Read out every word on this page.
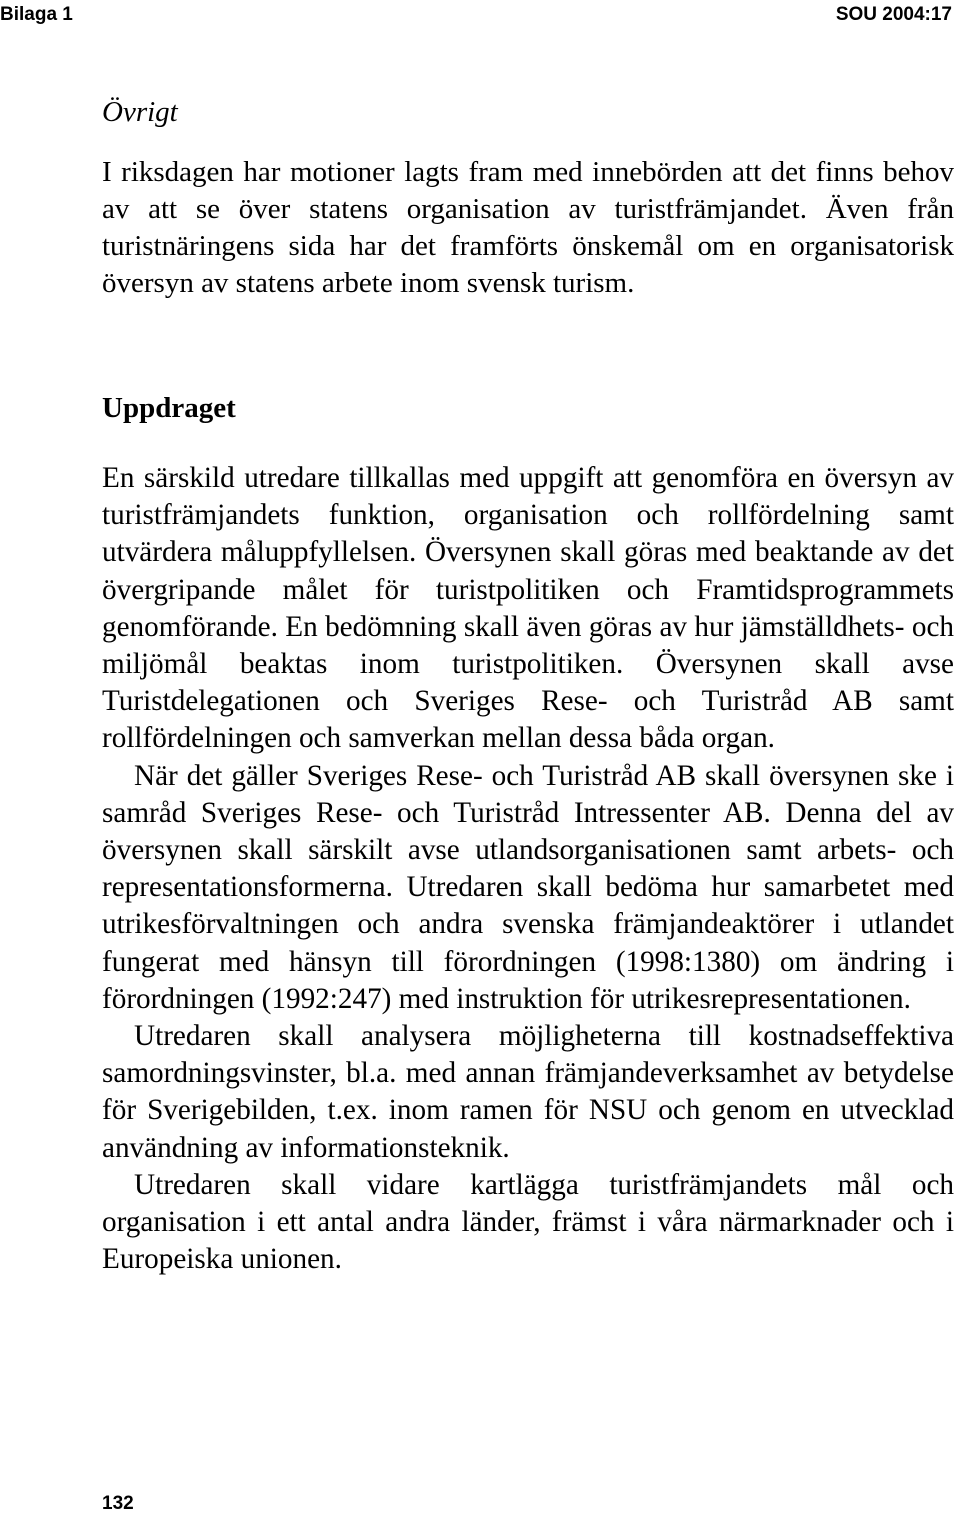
Bilaga 1	SOU 2004:17
Övrigt

I riksdagen har motioner lagts fram med innebörden att det finns behov av att se över statens organisation av turistfrämjandet. Även från turistnäringens sida har det framförts önskemål om en organisatorisk översyn av statens arbete inom svensk turism.

Uppdraget

En särskild utredare tillkallas med uppgift att genomföra en översyn av turistfrämjandets funktion, organisation och rollfördelning samt utvärdera måluppfyllelsen. Översynen skall göras med beaktande av det övergripande målet för turistpolitiken och Framtidsprogrammets genomförande. En bedömning skall även göras av hur jämställdhets- och miljömål beaktas inom turistpolitiken. Översynen skall avse Turistdelegationen och Sveriges Rese- och Turistråd AB samt rollfördelningen och samverkan mellan dessa båda organ.

När det gäller Sveriges Rese- och Turistråd AB skall översynen ske i samråd Sveriges Rese- och Turistråd Intressenter AB. Denna del av översynen skall särskilt avse utlandsorganisationen samt arbets- och representationsformerna. Utredaren skall bedöma hur samarbetet med utrikesförvaltningen och andra svenska främjandeaktörer i utlandet fungerat med hänsyn till förordningen (1998:1380) om ändring i förordningen (1992:247) med instruktion för utrikesrepresentationen.

Utredaren skall analysera möjligheterna till kostnadseffektiva samordningsvinster, bl.a. med annan främjandeverksamhet av betydelse för Sverigebilden, t.ex. inom ramen för NSU och genom en utvecklad användning av informationsteknik.

Utredaren skall vidare kartlägga turistfrämjandets mål och organisation i ett antal andra länder, främst i våra närmarknader och i Europeiska unionen.

132
